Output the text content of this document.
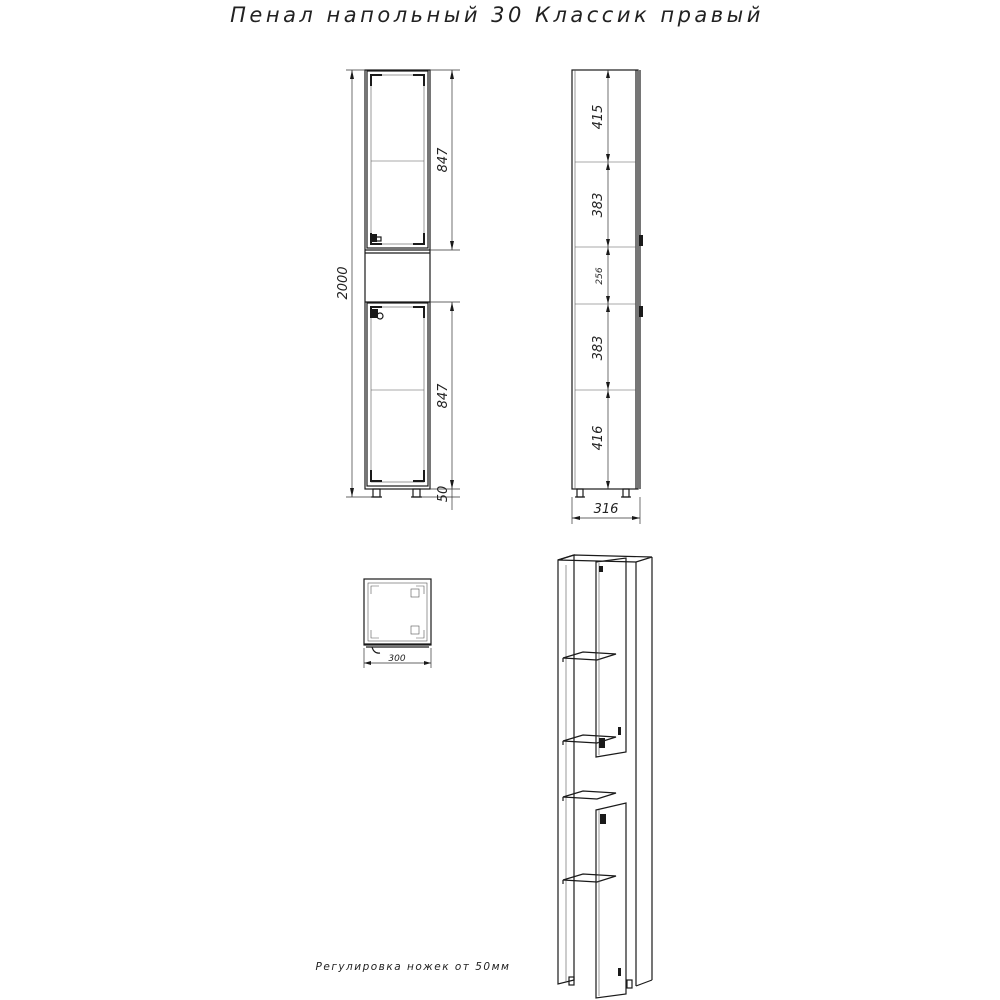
Пенал напольный 30 Классик правый
2000
847
847
50
415
383
256
383
416
316
300
Регулировка ножек от 50мм
